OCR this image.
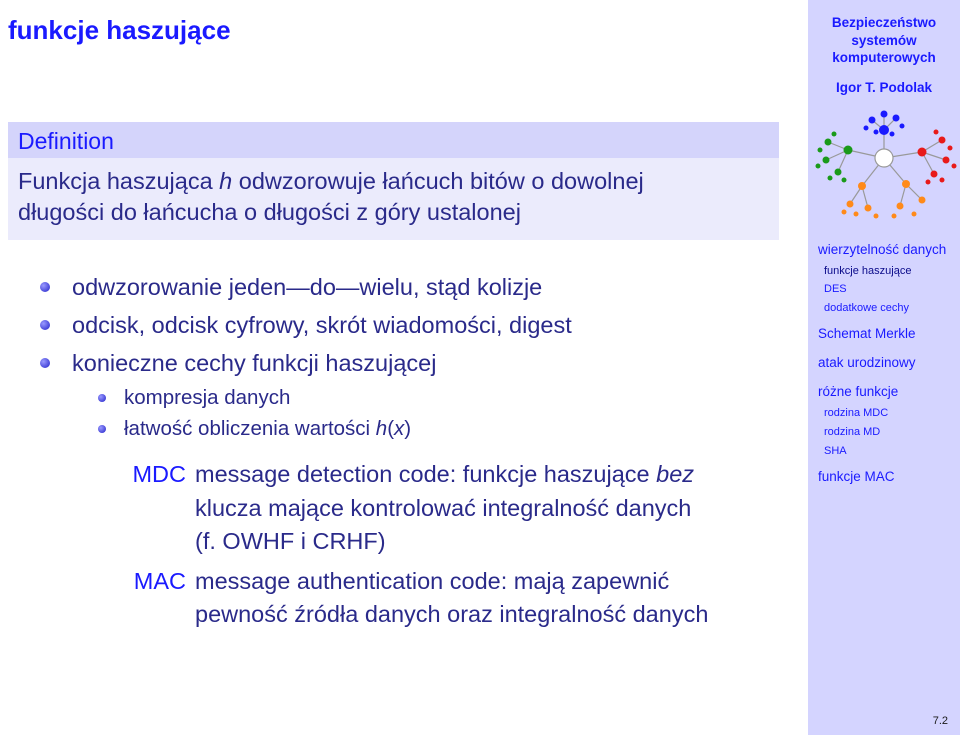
funkcje haszujące
Definition
Funkcja haszująca h odwzorowuje łańcuch bitów o dowolnej
długości do łańcucha o długości z góry ustalonej
odwzorowanie jeden—do—wielu, stąd kolizje
odcisk, odcisk cyfrowy, skrót wiadomości, digest
konieczne cechy funkcji haszującej
kompresja danych
łatwość obliczenia wartości h(x)
MDC message detection code: funkcje haszujące bez
klucza mające kontrolować integralność danych
(f. OWHF i CRHF)
MAC message authentication code: mają zapewnić
pewność źródła danych oraz integralność danych
Bezpieczeństwo
systemów
komputerowych
Igor T. Podolak
wierzytelność danych
funkcje haszujące
DES
dodatkowe cechy
Schemat Merkle
atak urodzinowy
różne funkcje
rodzina MDC
rodzina MD
SHA
funkcje MAC
7.2
